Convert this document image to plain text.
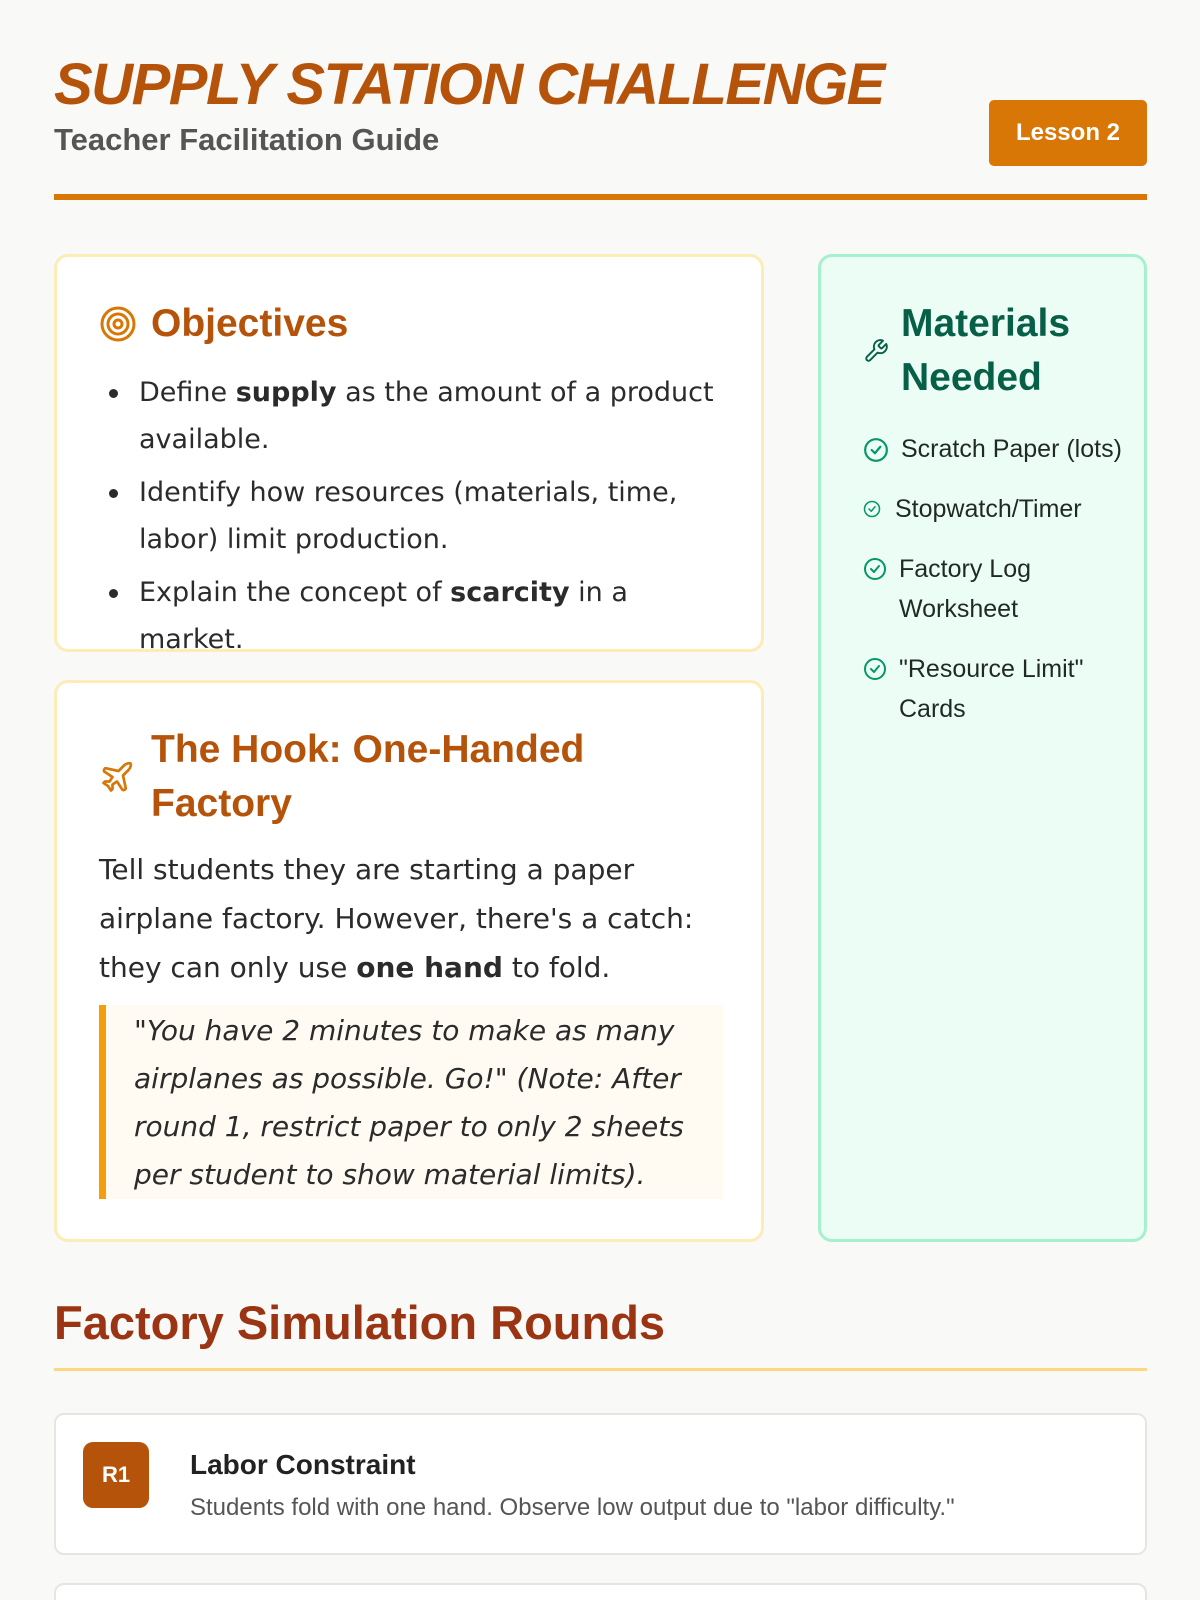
SUPPLY STATION CHALLENGE
Teacher Facilitation Guide	Lesson 2
Objectives
Define supply as the amount of a product available.
Identify how resources (materials, time, labor) limit production.
Explain the concept of scarcity in a market.
The Hook: One-Handed Factory
Tell students they are starting a paper airplane factory. However, there's a catch: they can only use one hand to fold.
"You have 2 minutes to make as many airplanes as possible. Go!" (Note: After round 1, restrict paper to only 2 sheets per student to show material limits).
Materials Needed
Scratch Paper (lots)
Stopwatch/Timer
Factory Log Worksheet
"Resource Limit" Cards
Factory Simulation Rounds
R1	Labor Constraint
Students fold with one hand. Observe low output due to "labor difficulty."
